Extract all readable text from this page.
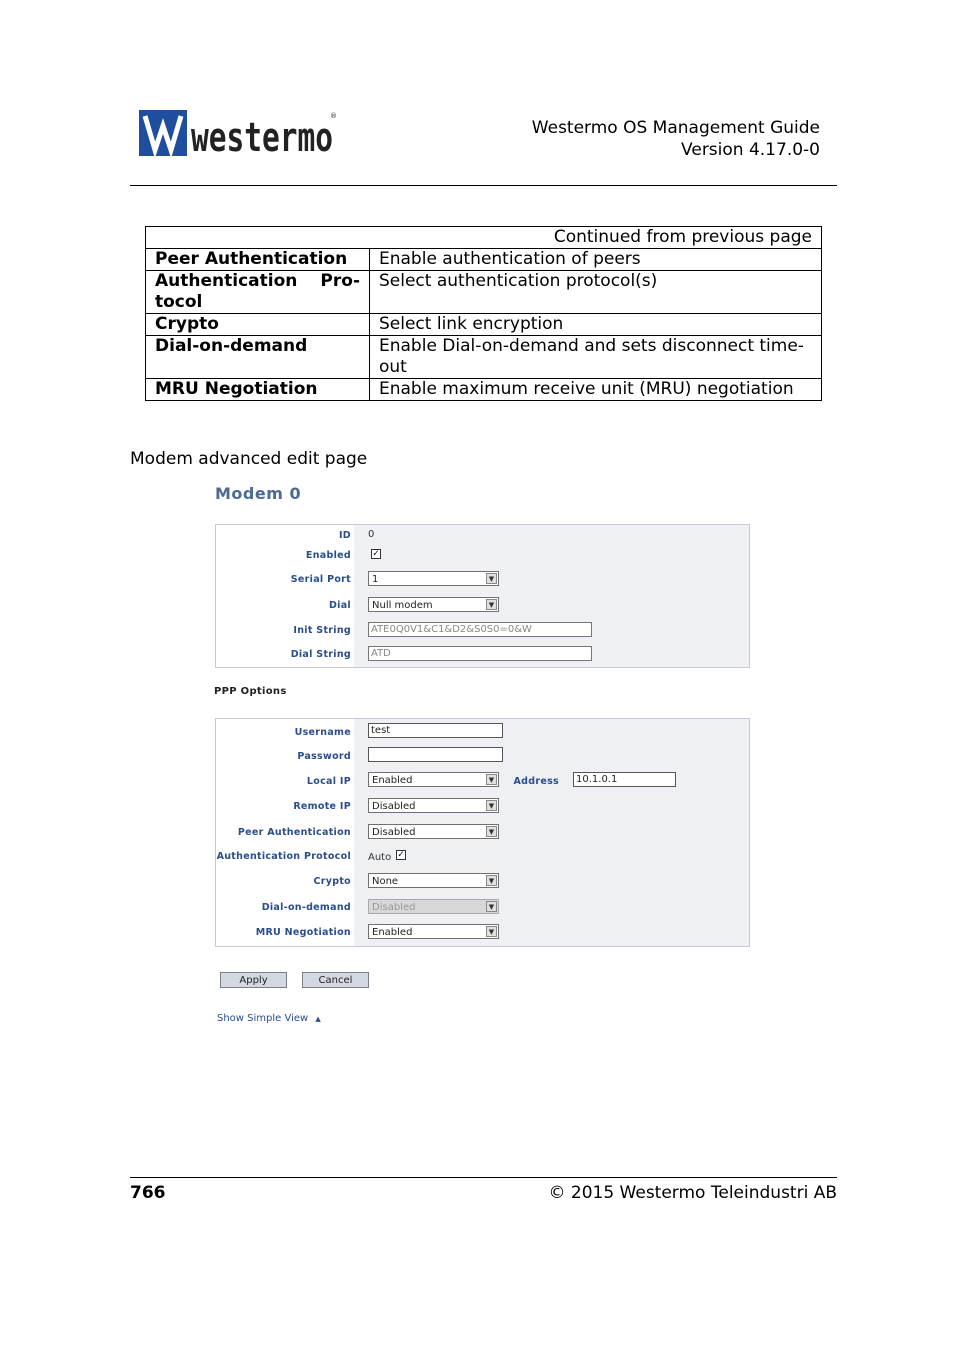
westermo
®
Westermo OS Management Guide
Version 4.17.0-0
Continued from previous page	
Peer Authentication	Enable authentication of peers

Authentication Pro-
tocol	Select authentication protocol(s)
Crypto	Select link encryption
Dial-on-demand	Enable Dial-on-demand and sets disconnect time-
out
MRU Negotiation	Enable maximum receive unit (MRU) negotiation
Modem advanced edit page
Modem 0
ID 0
Enabled ✓
Serial Port	1	▼
Dial	Null modem	▼
Init String	ATE0Q0V1&C1&D2&S0S0=0&W
Dial String	ATD
PPP Options
Username	test
Password
Local IP	Enabled	▼ Address	10.1.0.1
Remote IP	Disabled	▼
Peer Authentication	Disabled	▼
Authentication Protocol Auto ✓
Crypto	None	▼
Dial-on-demand	Disabled	▼
MRU Negotiation	Enabled	▼
Apply	Cancel
Show Simple View ▲
766	© 2015 Westermo Teleindustri AB
